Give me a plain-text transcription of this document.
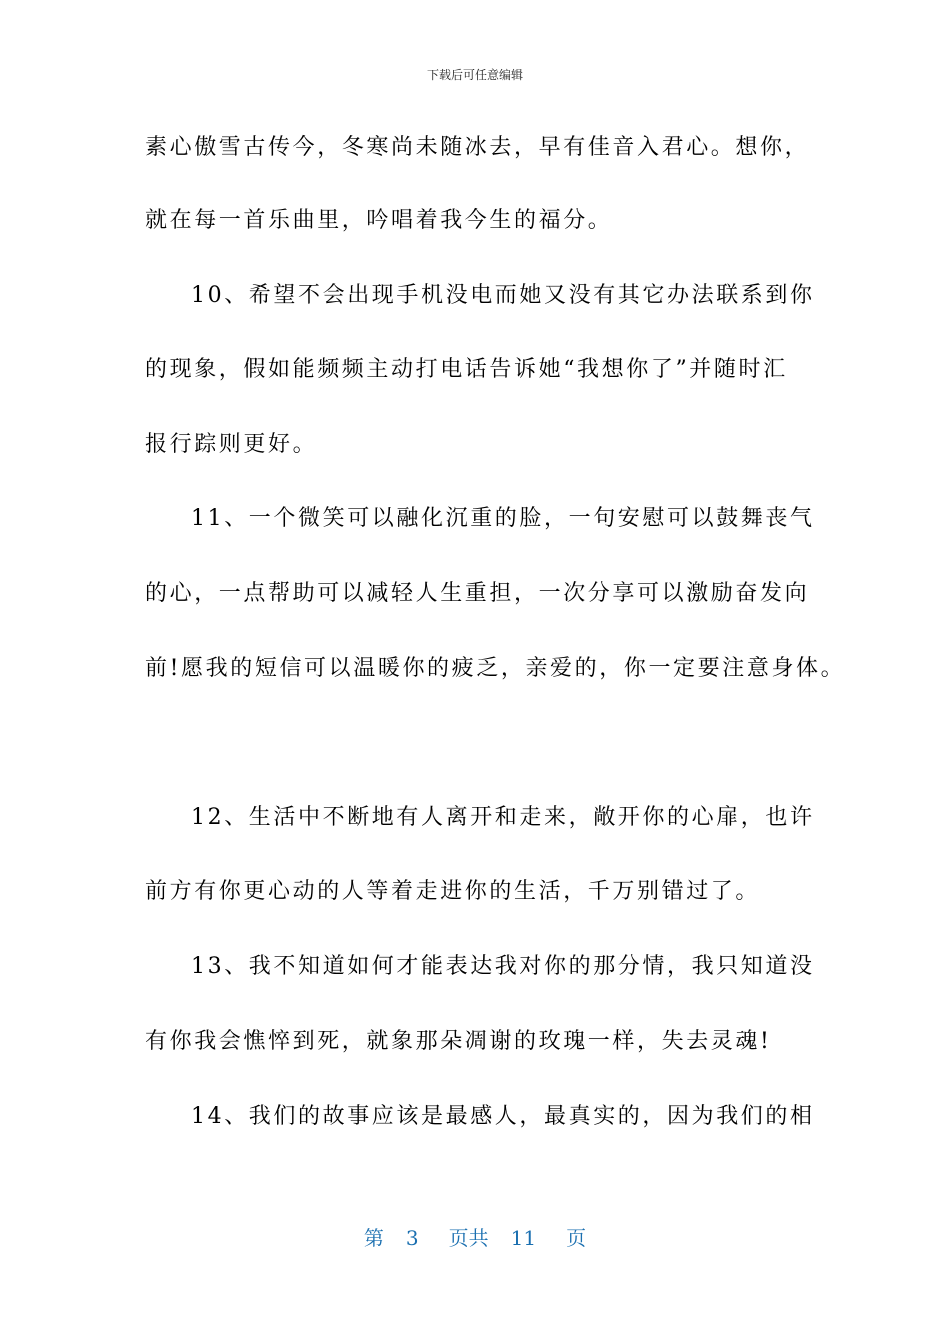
下载后可任意编辑
素心傲雪古传今，冬寒尚未随冰去，早有佳音入君心。想你，
就在每一首乐曲里，吟唱着我今生的福分。
10、希望不会出现手机没电而她又没有其它办法联系到你
的现象，假如能频频主动打电话告诉她“我想你了”并随时汇
报行踪则更好。
11、一个微笑可以融化沉重的脸，一句安慰可以鼓舞丧气
的心，一点帮助可以减轻人生重担，一次分享可以激励奋发向
前!愿我的短信可以温暖你的疲乏，亲爱的，你一定要注意身体。
12、生活中不断地有人离开和走来，敞开你的心扉，也许
前方有你更心动的人等着走进你的生活，千万别错过了。
13、我不知道如何才能表达我对你的那分情，我只知道没
有你我会憔悴到死，就象那朵凋谢的玫瑰一样，失去灵魂!
14、我们的故事应该是最感人，最真实的，因为我们的相
第 3 页共 11 页
